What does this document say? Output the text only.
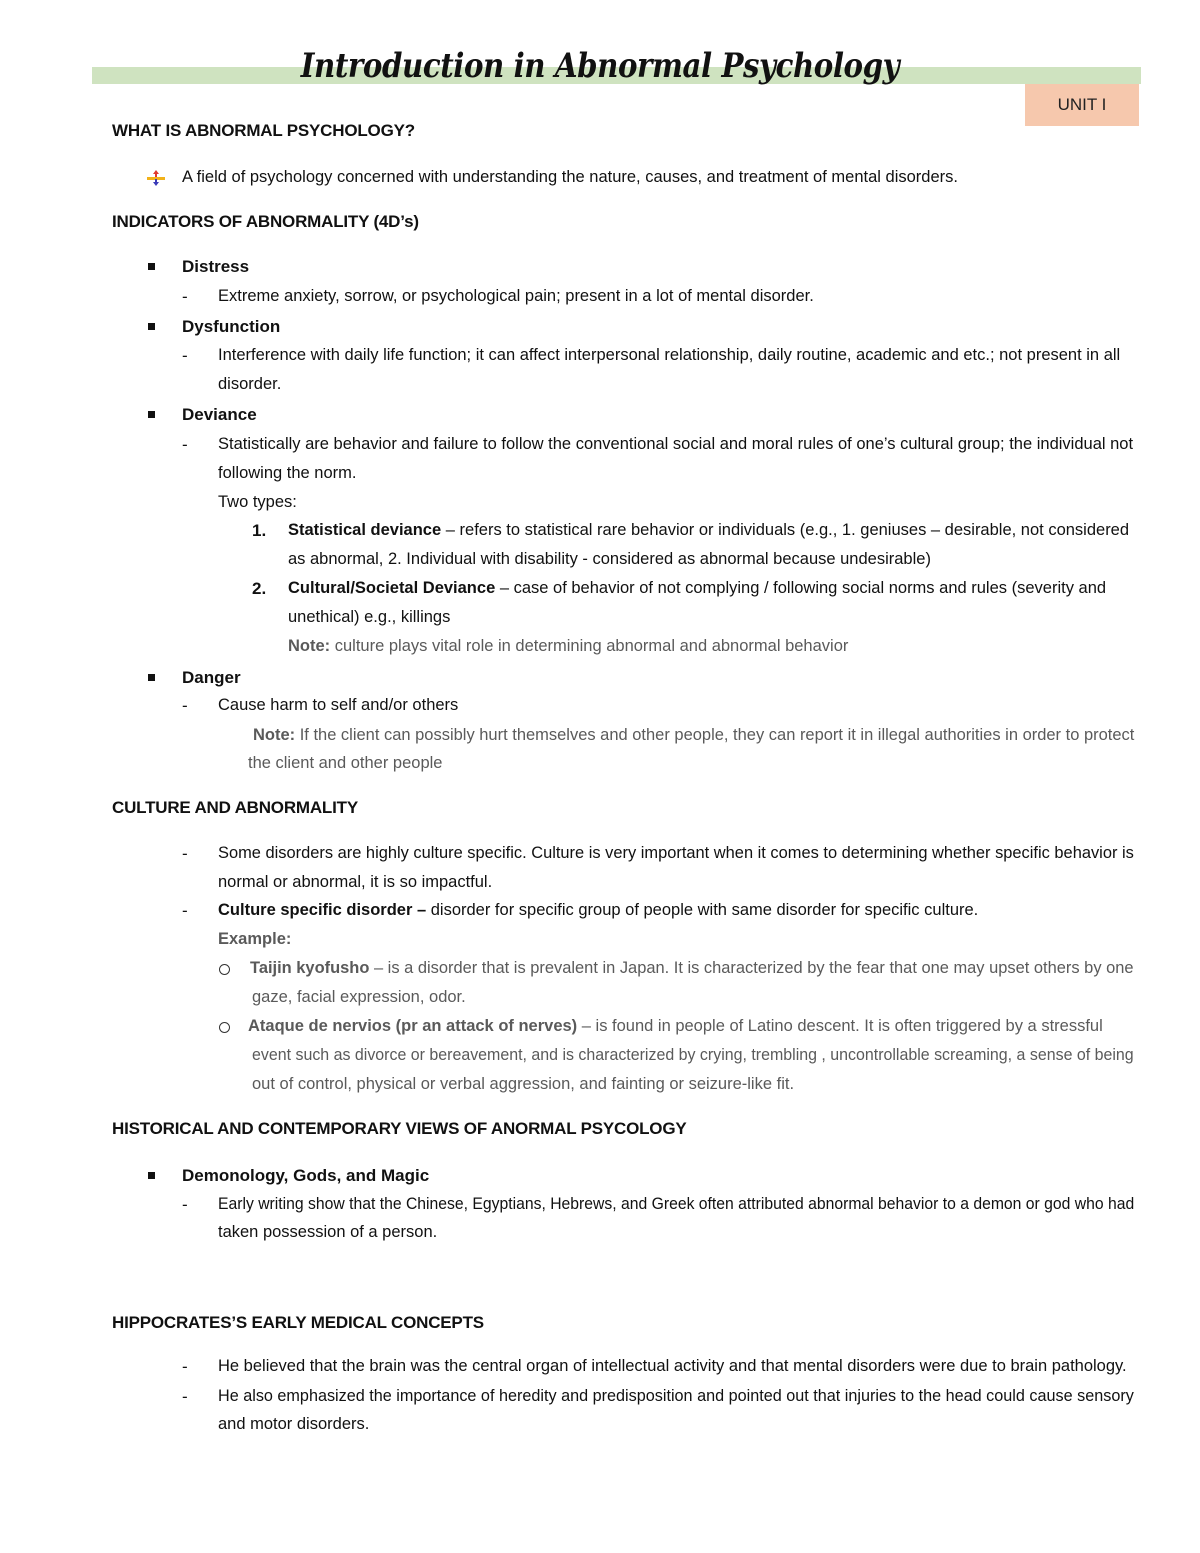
Introduction in Abnormal Psychology
UNIT I
WHAT IS ABNORMAL PSYCHOLOGY?
A field of psychology concerned with understanding the nature, causes, and treatment of mental disorders.
INDICATORS OF ABNORMALITY (4D’s)
Distress
- Extreme anxiety, sorrow, or psychological pain; present in a lot of mental disorder.
Dysfunction
- Interference with daily life function; it can affect interpersonal relationship, daily routine, academic and etc.; not present in all
disorder.
Deviance
- Statistically are behavior and failure to follow the conventional social and moral rules of one’s cultural group; the individual not
following the norm.
Two types:
1. Statistical deviance – refers to statistical rare behavior or individuals (e.g., 1. geniuses – desirable, not considered
as abnormal, 2. Individual with disability - considered as abnormal because undesirable)
2. Cultural/Societal Deviance – case of behavior of not complying / following social norms and rules (severity and
unethical) e.g., killings
Note: culture plays vital role in determining abnormal and abnormal behavior
Danger
- Cause harm to self and/or others
Note: If the client can possibly hurt themselves and other people, they can report it in illegal authorities in order to protect
the client and other people
CULTURE AND ABNORMALITY
- Some disorders are highly culture specific. Culture is very important when it comes to determining whether specific behavior is
normal or abnormal, it is so impactful.
- Culture specific disorder – disorder for specific group of people with same disorder for specific culture.
Example:
Taijin kyofusho – is a disorder that is prevalent in Japan. It is characterized by the fear that one may upset others by one
gaze, facial expression, odor.
Ataque de nervios (pr an attack of nerves) – is found in people of Latino descent. It is often triggered by a stressful
event such as divorce or bereavement, and is characterized by crying, trembling , uncontrollable screaming, a sense of being
out of control, physical or verbal aggression, and fainting or seizure-like fit.
HISTORICAL AND CONTEMPORARY VIEWS OF ANORMAL PSYCOLOGY
Demonology, Gods, and Magic
- Early writing show that the Chinese, Egyptians, Hebrews, and Greek often attributed abnormal behavior to a demon or god who had
taken possession of a person.
HIPPOCRATES’S EARLY MEDICAL CONCEPTS
- He believed that the brain was the central organ of intellectual activity and that mental disorders were due to brain pathology.
- He also emphasized the importance of heredity and predisposition and pointed out that injuries to the head could cause sensory
and motor disorders.
